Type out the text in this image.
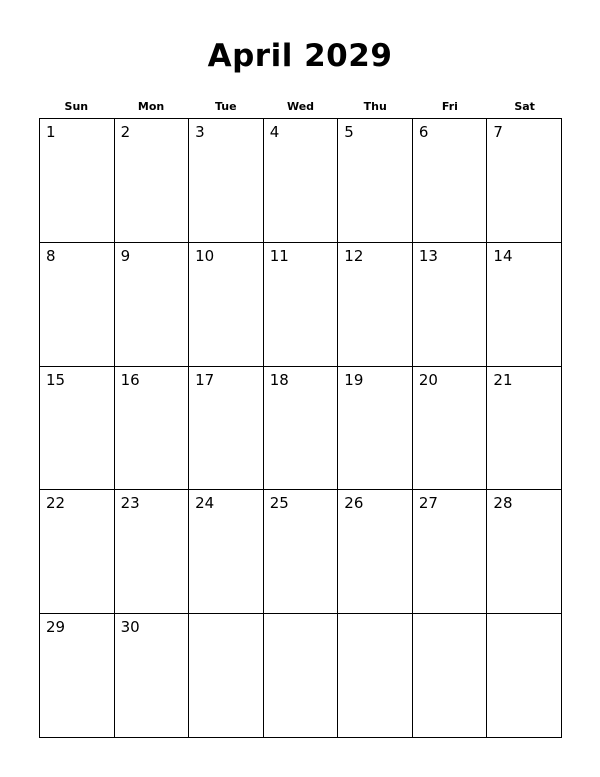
April 2029
Sun	Mon	Tue	Wed	Thu	Fri	Sat
1	2	3	4	5	6	7
8	9	10	11	12	13	14
15	16	17	18	19	20	21
22	23	24	25	26	27	28
29	30
